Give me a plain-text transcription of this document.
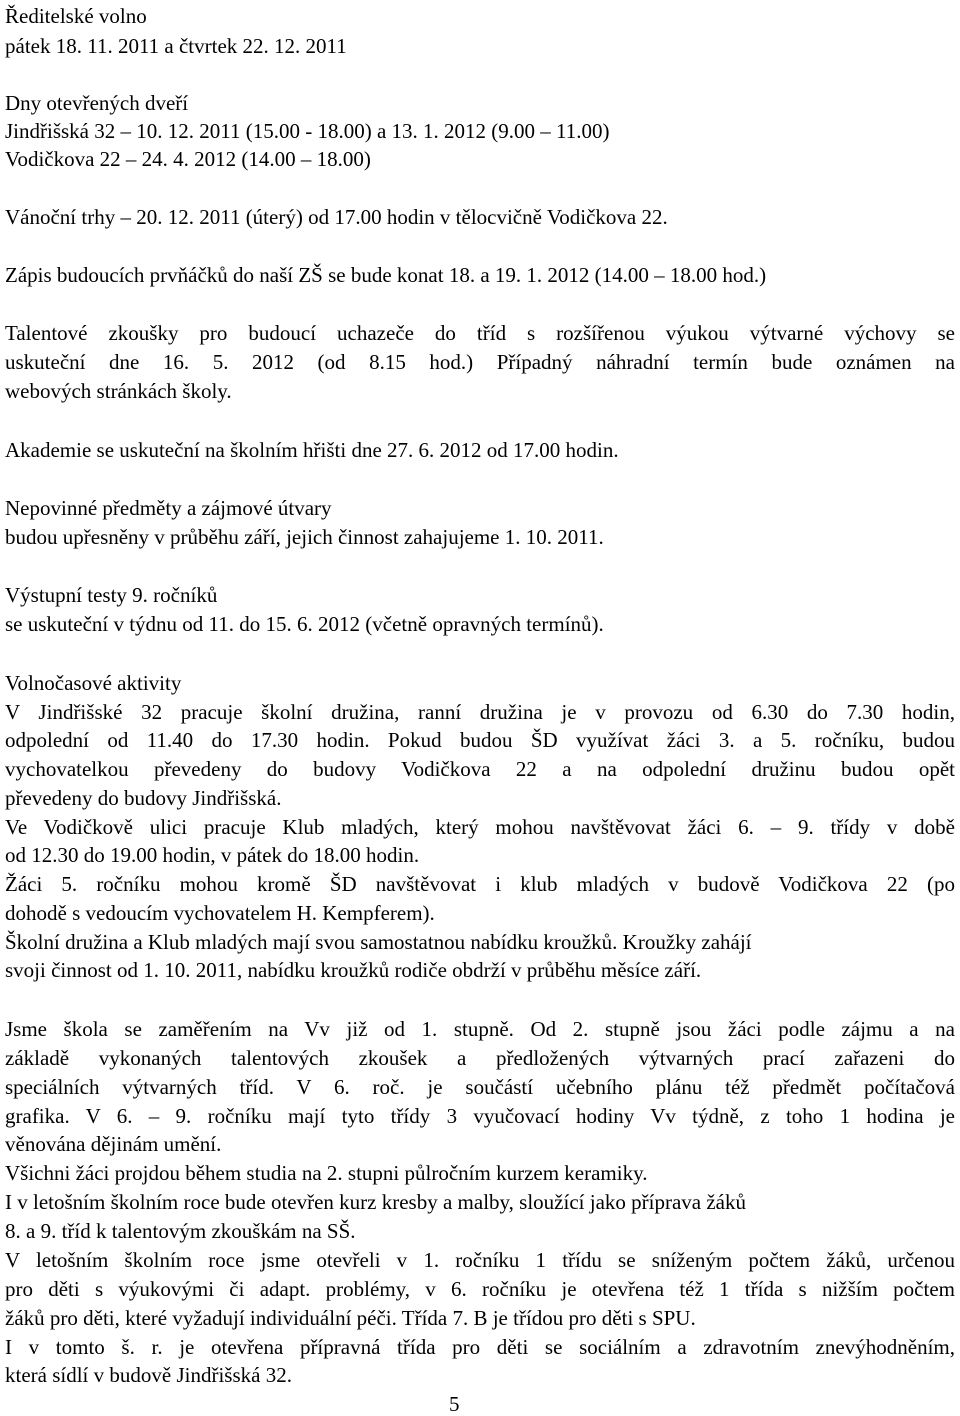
Ředitelské volno
pátek 18. 11. 2011 a čtvrtek 22. 12. 2011
Dny otevřených dveří
Jindřišská 32 – 10. 12. 2011 (15.00 - 18.00) a 13. 1. 2012 (9.00 – 11.00)
Vodičkova 22 – 24. 4. 2012 (14.00 – 18.00)
Vánoční trhy – 20. 12. 2011 (úterý) od 17.00 hodin v tělocvičně Vodičkova 22.
Zápis budoucích prvňáčků do naší ZŠ se bude konat 18. a 19. 1. 2012 (14.00 – 18.00 hod.)
Talentové zkoušky pro budoucí uchazeče do tříd s rozšířenou výukou výtvarné výchovy se
uskuteční dne 16. 5. 2012 (od 8.15 hod.) Případný náhradní termín bude oznámen na
webových stránkách školy.
Akademie se uskuteční na školním hřišti dne 27. 6. 2012 od 17.00 hodin.
Nepovinné předměty a zájmové útvary
budou upřesněny v průběhu září, jejich činnost zahajujeme 1. 10. 2011.
Výstupní testy 9. ročníků
se uskuteční v týdnu od 11. do 15. 6. 2012 (včetně opravných termínů).
Volnočasové aktivity
V Jindřišské 32 pracuje školní družina, ranní družina je v provozu od 6.30 do 7.30 hodin,
odpolední od 11.40 do 17.30 hodin. Pokud budou ŠD využívat žáci 3. a 5. ročníku, budou
vychovatelkou převedeny do budovy Vodičkova 22 a na odpolední družinu budou opět
převedeny do budovy Jindřišská.
Ve Vodičkově ulici pracuje Klub mladých, který mohou navštěvovat žáci 6. – 9. třídy v době
od 12.30 do 19.00 hodin, v pátek do 18.00 hodin.
Žáci 5. ročníku mohou kromě ŠD navštěvovat i klub mladých v budově Vodičkova 22 (po
dohodě s vedoucím vychovatelem H. Kempferem).
Školní družina a Klub mladých mají svou samostatnou nabídku kroužků. Kroužky zahájí
svoji činnost od 1. 10. 2011, nabídku kroužků rodiče obdrží v průběhu měsíce září.
Jsme škola se zaměřením na Vv již od 1. stupně. Od 2. stupně jsou žáci podle zájmu a na
základě vykonaných talentových zkoušek a předložených výtvarných prací zařazeni do
speciálních výtvarných tříd. V 6. roč. je součástí učebního plánu též předmět počítačová
grafika. V 6. – 9. ročníku mají tyto třídy 3 vyučovací hodiny Vv týdně, z toho 1 hodina je
věnována dějinám umění.
Všichni žáci projdou během studia na 2. stupni půlročním kurzem keramiky.
I v letošním školním roce bude otevřen kurz kresby a malby, sloužící jako příprava žáků
8. a 9. tříd k talentovým zkouškám na SŠ.
V letošním školním roce jsme otevřeli v 1. ročníku 1 třídu se sníženým počtem žáků, určenou
pro děti s výukovými či adapt. problémy, v 6. ročníku je otevřena též 1 třída s nižším počtem
žáků pro děti, které vyžadují individuální péči. Třída 7. B je třídou pro děti s SPU.
I v tomto š. r. je otevřena přípravná třída pro děti se sociálním a zdravotním znevýhodněním,
která sídlí v budově Jindřišská 32.
5
